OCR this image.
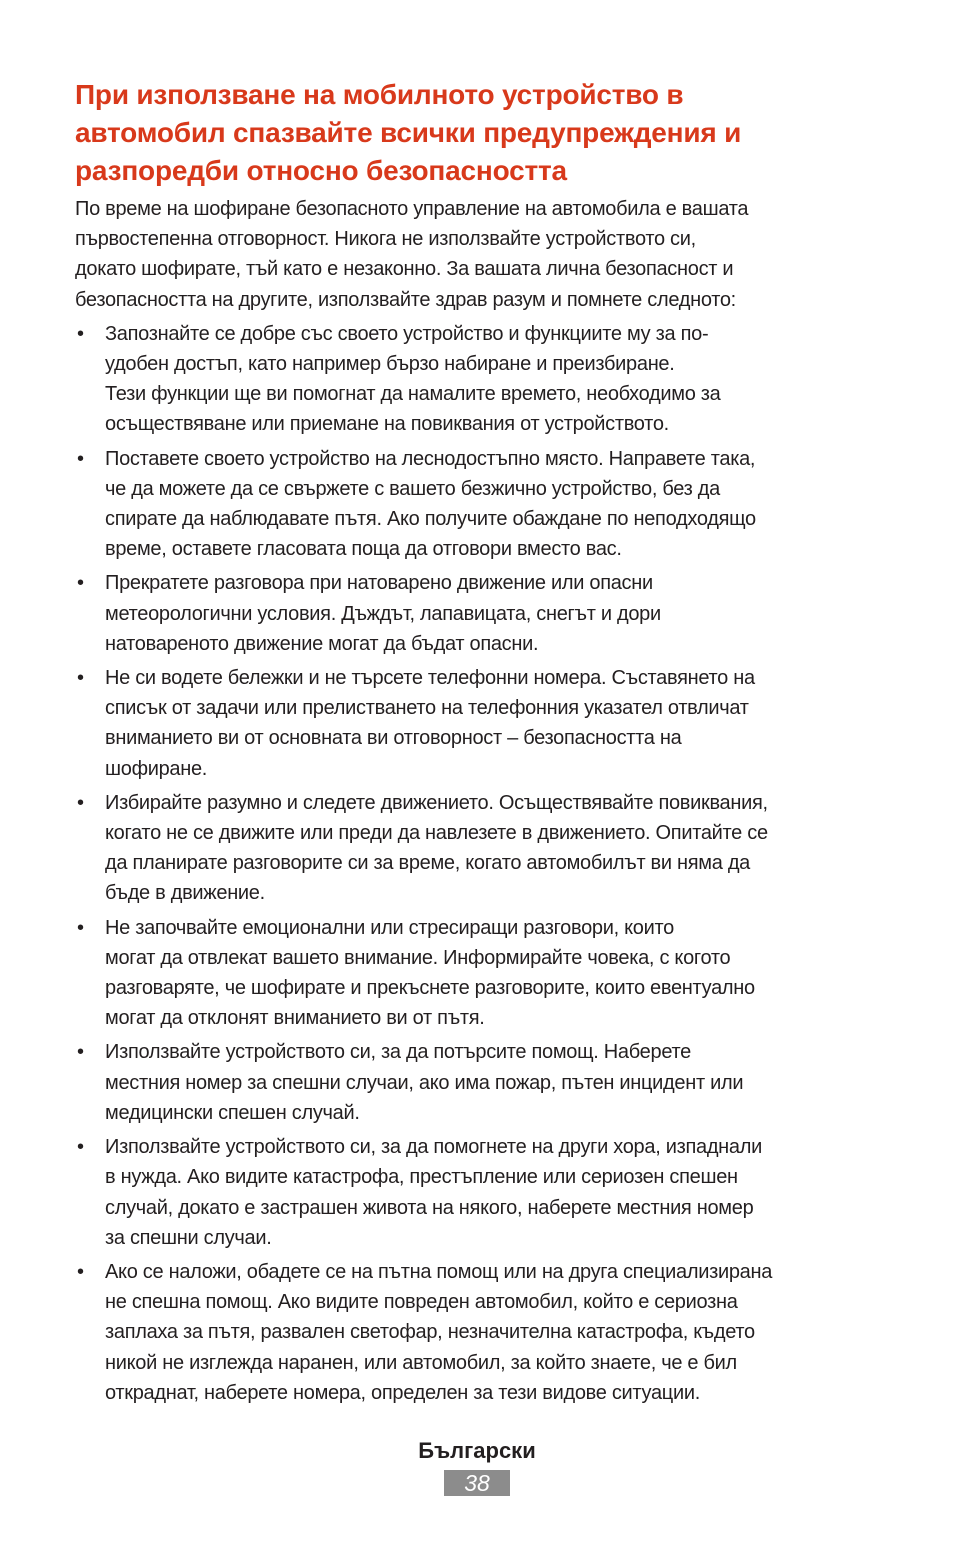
При използване на мобилното устройство в
автомобил спазвайте всички предупреждения и
разпоредби относно безопасността

По време на шофиране безопасното управление на автомобила е вашата
първостепенна отговорност. Никога не използвайте устройството си,
докато шофирате, тъй като е незаконно. За вашата лична безопасност и
безопасността на другите, използвайте здрав разум и помнете следното:

• Запознайте се добре със своето устройство и функциите му за по-
удобен достъп, като например бързо набиране и преизбиране.
Тези функции ще ви помогнат да намалите времето, необходимо за
осъществяване или приемане на повиквания от устройството.
• Поставете своето устройство на леснодостъпно място. Направете така,
че да можете да се свържете с вашето безжично устройство, без да
спирате да наблюдавате пътя. Ако получите обаждане по неподходящо
време, оставете гласовата поща да отговори вместо вас.
• Прекратете разговора при натоварено движение или опасни
метеорологични условия. Дъждът, лапавицата, снегът и дори
натовареното движение могат да бъдат опасни.
• Не си водете бележки и не търсете телефонни номера. Съставянето на
списък от задачи или прелистването на телефонния указател отвличат
вниманието ви от основната ви отговорност – безопасността на
шофиране.
• Избирайте разумно и следете движението. Осъществявайте повиквания,
когато не се движите или преди да навлезете в движението. Опитайте се
да планирате разговорите си за време, когато автомобилът ви няма да
бъде в движение.
• Не започвайте емоционални или стресиращи разговори, които
могат да отвлекат вашето внимание. Информирайте човека, с когото
разговаряте, че шофирате и прекъснете разговорите, които евентуално
могат да отклонят вниманието ви от пътя.
• Използвайте устройството си, за да потърсите помощ. Наберете
местния номер за спешни случаи, ако има пожар, пътен инцидент или
медицински спешен случай.
• Използвайте устройството си, за да помогнете на други хора, изпаднали
в нужда. Ако видите катастрофа, престъпление или сериозен спешен
случай, докато е застрашен живота на някого, наберете местния номер
за спешни случаи.
• Ако се наложи, обадете се на пътна помощ или на друга специализирана
не спешна помощ. Ако видите повреден автомобил, който е сериозна
заплаха за пътя, развален светофар, незначителна катастрофа, където
никой не изглежда наранен, или автомобил, за който знаете, че е бил
откраднат, наберете номера, определен за тези видове ситуации.
Български
38
